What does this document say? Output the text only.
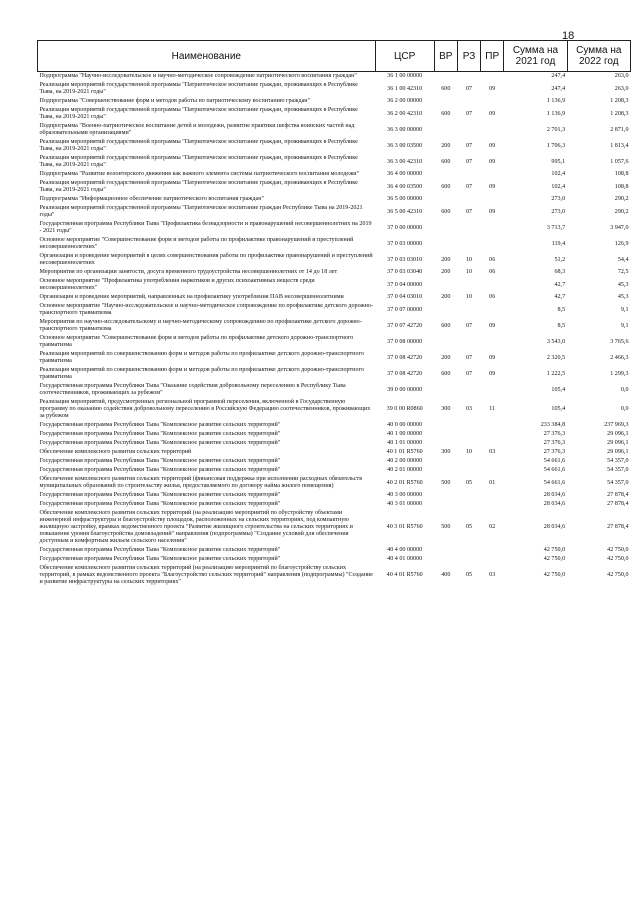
18
Наименование	ЦСР	ВР	РЗ	ПР	Сумма на 2021 год	Сумма на 2022 год
Подпрограмма "Научно-исследовательское и научно-методическое сопровождение патриотического воспитания граждан"	36 1 00 00000				247,4	263,0
Реализация мероприятий государственной программы "Патриотическое воспитание граждан, проживающих в Республике Тыва, на 2019-2021 годы"	36 1 00 42310	600	07	09	247,4	263,0
Подпрограмма "Совершенствование форм и методов работы по патриотическому воспитанию граждан"	36 2 00 00000				1 136,9	1 208,3
Реализация мероприятий государственной программы "Патриотическое воспитание граждан, проживающих в Республике Тыва, на 2019-2021 годы"	36 2 00 42310	600	07	09	1 136,9	1 208,3
Подпрограмма "Военно-патриотическое воспитание детей и молодежи, развитие практики шефства воинских частей над образовательными организациями"	36 3 00 00000				2 701,3	2 871,0
Реализация мероприятий государственной программы "Патриотическое воспитание граждан, проживающих в Республике Тыва, на 2019-2021 годы"	36 3 00 03500	200	07	09	1 706,3	1 813,4
Реализация мероприятий государственной программы "Патриотическое воспитание граждан, проживающих в Республике Тыва, на 2019-2021 годы"	36 3 00 42310	600	07	09	995,1	1 057,6
Подпрограмма "Развитие волонтерского движения как важного элемента системы патриотического воспитания молодежи"	36 4 00 00000				102,4	108,8
Реализация мероприятий государственной программы "Патриотическое воспитание граждан, проживающих в Республике Тыва, на 2019-2021 годы"	36 4 00 03500	600	07	09	102,4	108,8
Подпрограмма "Информационное обеспечение патриотического воспитания граждан"	36 5 00 00000				273,0	290,2
Реализация мероприятий государственной программы "Патриотическое воспитание граждан Республике Тыва на 2019-2021 годы"	36 5 00 42310	600	07	09	273,0	290,2
Государственная программа Республики Тыва "Профилактика безнадзорности и правонарушений несовершеннолетних на 2019 - 2021 годы"	37 0 00 00000				3 713,7	3 947,0
Основное мероприятие "Совершенствование форм и методов работы по профилактике правонарушений и преступлений несовершеннолетних"	37 0 03 00000				119,4	126,9
Организация и проведение мероприятий в целях совершенствования работы по профилактике правонарушений и преступлений несовершеннолетних	37 0 03 03010	200	10	06	51,2	54,4
Мероприятия по организации занятости, досуга временного трудоустройства несовершеннолетних от 14 до 18 лет	37 0 03 03040	200	10	06	68,3	72,5
Основное мероприятие "Профилактика употребления наркотиков и других психоактивных веществ среди несовершеннолетних"	37 0 04 00000				42,7	45,3
Организация и проведение мероприятий, направленных на профилактику употребления ПАВ несовершеннолетними	37 0 04 03010	200	10	06	42,7	45,3
Основное мероприятие "Научно-исследовательское и научно-методическое сопровождение по профилактике детского дорожно-транспортного травматизма	37 0 07 00000				8,5	9,1
Мероприятия по научно-исследовательскому и научно-методическому сопровождению по профилактике детского дорожно-транспортного травматизма	37 0 07 42720	600	07	09	8,5	9,1
Основное мероприятие "Совершенствование форм и методов работы по профилактике детского дорожно-транспортного травматизма	37 0 08 00000				3 543,0	3 765,6
Реализация мероприятий по совершенствованию форм и методов работы по профилактике детского дорожно-транспортного травматизма	37 0 08 42720	200	07	09	2 320,5	2 466,3
Реализация мероприятий по совершенствованию форм и методов работы по профилактике детского дорожно-транспортного травматизма	37 0 08 42720	600	07	09	1 222,5	1 299,3
Государственная программа Республики Тыва "Оказание содействия добровольному переселению в Республику Тыва соотечественников, проживающих за рубежом"	39 0 00 00000				105,4	0,0
Реализация мероприятий, предусмотренных региональной программой переселения, включенной в Государственную программу по оказанию содействия добровольному переселению в Российскую Федерацию соотечественников, проживающих за рубежом	39 0 00 R0860	300	03	11	105,4	0,0
Государственная программа Республики Тыва "Комплексное развитие сельских территорий"	40 0 00 00000				233 384,8	237 969,3
Государственная программа Республики Тыва "Комплексное развитие сельских территорий"	40 1 00 00000				27 376,3	29 096,1
Государственная программа Республики Тыва "Комплексное развитие сельских территорий"	40 1 01 00000				27 376,3	29 096,1
Обеспечение комплексного развития сельских территорий	40 1 01 R5760	300	10	03	27 376,3	29 096,1
Государственная программа Республики Тыва "Комплексное развитие сельских территорий"	40 2 00 00000				54 661,6	54 357,0
Государственная программа Республики Тыва "Комплексное развитие сельских территорий"	40 2 01 00000				54 661,6	54 357,0
Обеспечение комплексного развития сельских территорий (финансовая поддержка при исполнении расходных обязательств муниципальных образований по строительству жилья, предоставляемого по договору найма жилого помещения)	40 2 01 R5760	500	05	01	54 661,6	54 357,0
Государственная программа Республики Тыва "Комплексное развитие сельских территорий"	40 3 00 00000				28 034,6	27 878,4
Государственная программа Республики Тыва "Комплексное развитие сельских территорий"	40 3 01 00000				28 034,6	27 878,4
Обеспечение комплексного развития сельских территорий (на реализацию мероприятий по обустройству объектами инженерной инфраструктуры и благоустройству площадок, расположенных на сельских территориях, под компактную жилищную застройку, врамках ведомственного проекта "Развитие жилищного строительства на сельских территориях и повышение уровня благоустройства домовладений" направления (подпрограммы) "Создание условий для обеспечения доступным и комфортным жильем сельского населения"	40 3 01 R5760	500	05	02	28 034,6	27 878,4
Государственная программа Республики Тыва "Комплексное развитие сельских территорий"	40 4 00 00000				42 750,0	42 750,0
Государственная программа Республики Тыва "Комплексное развитие сельских территорий"	40 4 01 00000				42 750,0	42 750,0
Обеспечение комплексного развития сельских территорий (на реализацию мероприятий по благоустройству сельских территорий, в рамках ведомственного проекта "Благоустройство сельских территорий" направления (подпрограммы) "Создание и развитие инфраструктуры на сельских территориях"	40 4 01 R5760	400	05	03	42 750,0	42 750,0
